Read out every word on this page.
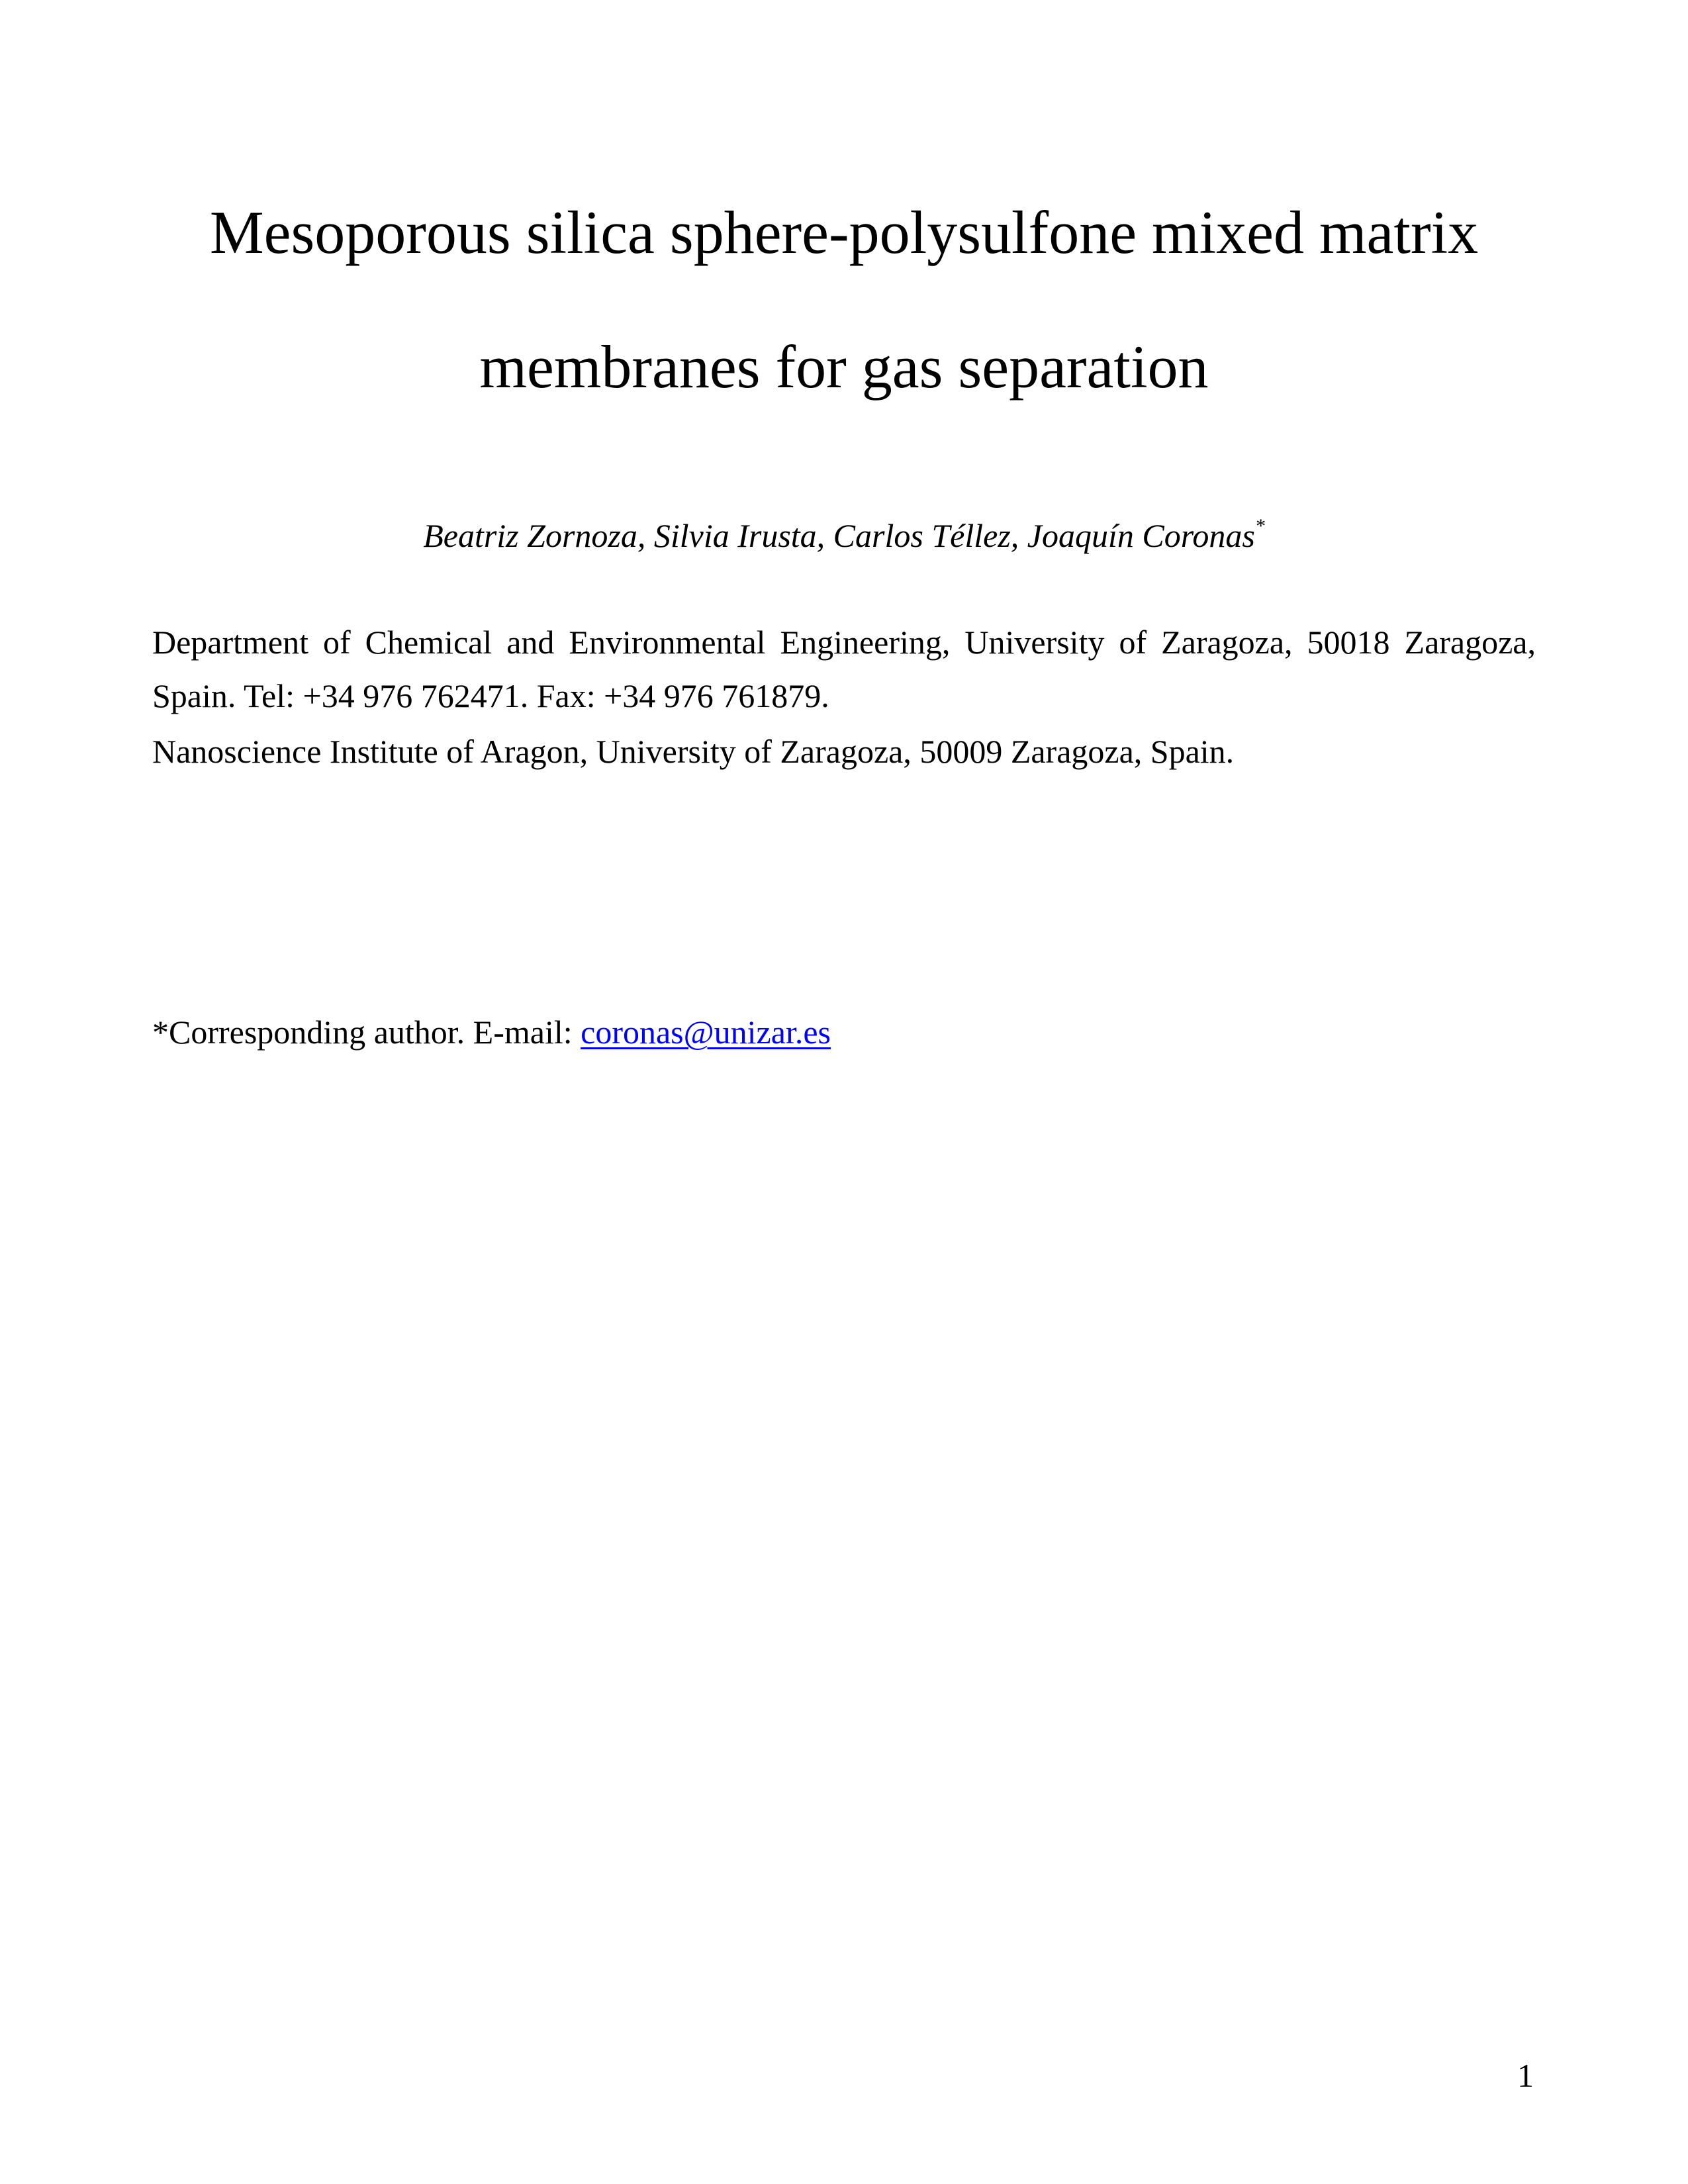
Mesoporous silica sphere-polysulfone mixed matrix
membranes for gas separation
Beatriz Zornoza, Silvia Irusta, Carlos Téllez, Joaquín Coronas*
Department of Chemical and Environmental Engineering, University of Zaragoza, 50018 Zaragoza,
Spain. Tel: +34 976 762471. Fax: +34 976 761879.
Nanoscience Institute of Aragon, University of Zaragoza, 50009 Zaragoza, Spain.
*Corresponding author. E-mail: coronas@unizar.es
1
